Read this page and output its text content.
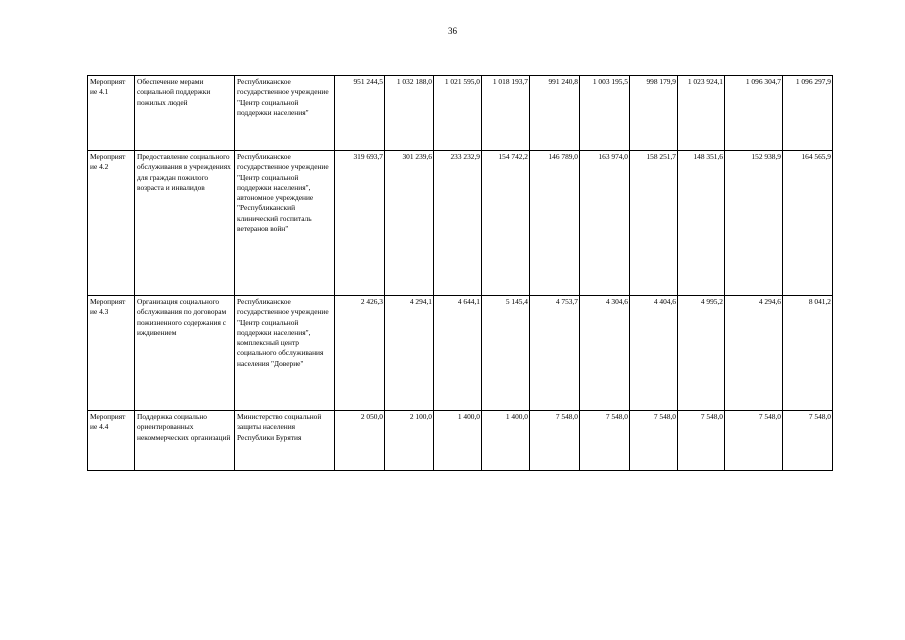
36
Мероприят ие 4.1	Обеспечение мерами социальной поддержки пожилых людей	Республиканское государственное учреждение "Центр социальной поддержки населения"	951 244,5	1 032 188,0	1 021 595,0	1 018 193,7	991 240,8	1 003 195,5	998 179,9	1 023 924,1	1 096 304,7	1 096 297,9
Мероприят ие 4.2	Предоставление социального обслуживания в учреждениях для граждан пожилого возраста и инвалидов	Республиканское государственное учреждение "Центр социальной поддержки населения", автономное учреждение "Республиканский клинический госпиталь ветеранов войн"	319 693,7	301 239,6	233 232,9	154 742,2	146 789,0	163 974,0	158 251,7	148 351,6	152 938,9	164 565,9
Мероприят ие 4.3	Организация социального обслуживания по договорам пожизненного содержания с иждивением	Республиканское государственное учреждение "Центр социальной поддержки населения", комплексный центр социального обслуживания населения "Доверие"	2 426,3	4 294,1	4 644,1	5 145,4	4 753,7	4 304,6	4 404,6	4 995,2	4 294,6	8 041,2
Мероприят ие 4.4	Поддержка социально ориентированных некоммерческих организаций	Министерство социальной защиты населения Республики Бурятия	2 050,0	2 100,0	1 400,0	1 400,0	7 548,0	7 548,0	7 548,0	7 548,0	7 548,0	7 548,0
